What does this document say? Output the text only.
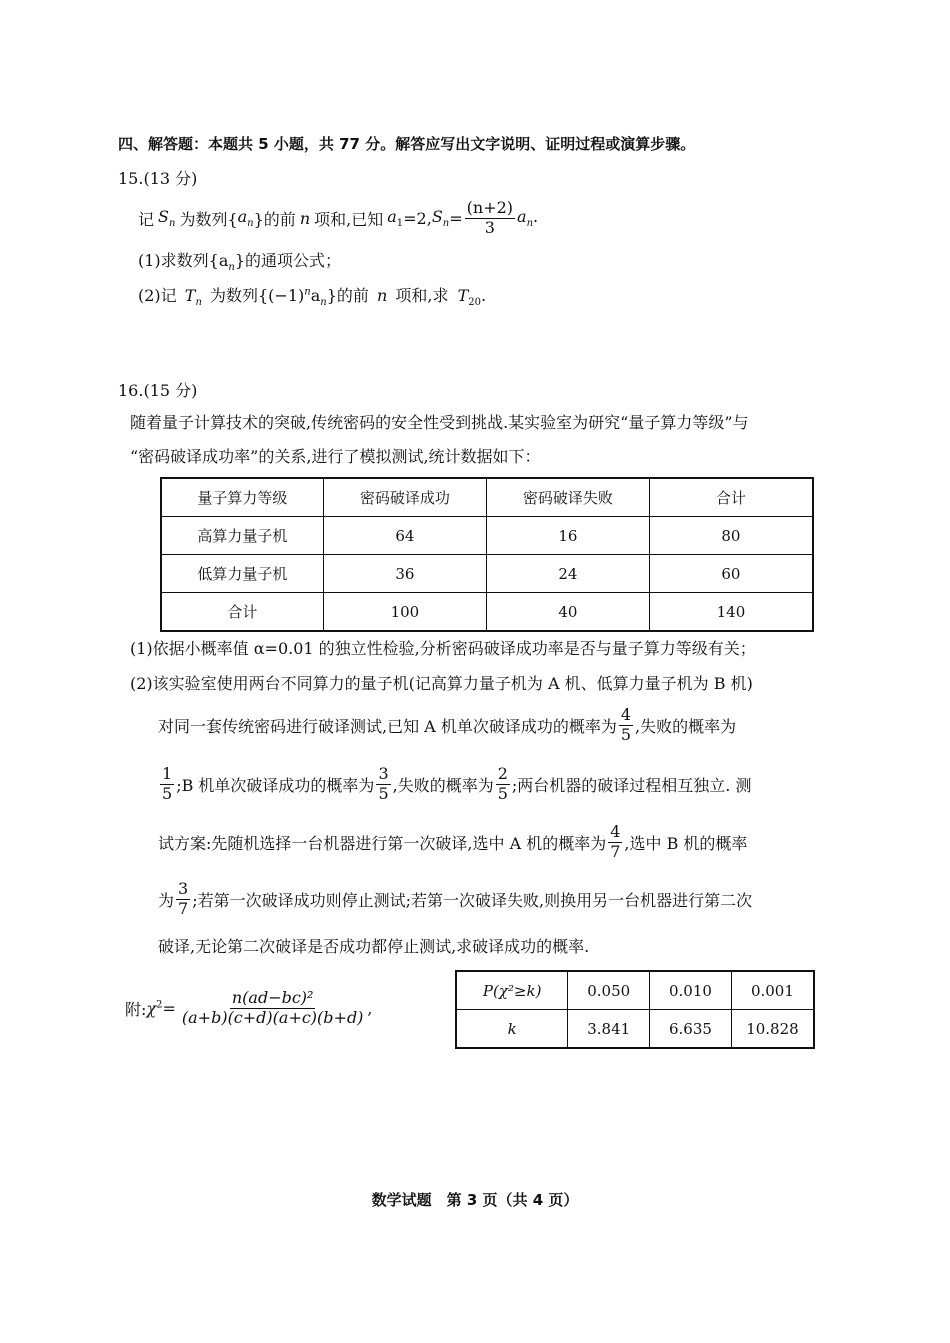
四、解答题：本题共 5 小题，共 77 分。解答应写出文字说明、证明过程或演算步骤。
15.(13 分)
记 $S_n$ 为数列{ $a_n$ }的前 n 项和,已知 $a_1 =2$, $S_n = \frac{(n+2)}{3} a_n$.
(1)求数列$\{a_n\}$的通项公式；
(2)记 $T_n$ 为数列$\{(-1)^na_n\}$的前 n 项和,求 $T_{20}$.
16.(15 分)
随着量子计算技术的突破,传统密码的安全性受到挑战.某实验室为研究“量子算力等级”与
“密码破译成功率”的关系,进行了模拟测试,统计数据如下：
量子算力等级	密码破译成功	密码破译失败	合计
高算力量子机	64	16	80
低算力量子机	36	24	60
合计	100	40	140
(1)依据小概率值 α=0.01 的独立性检验,分析密码破译成功率是否与量子算力等级有关；
(2)该实验室使用两台不同算力的量子机(记高算力量子机为 A 机、低算力量子机为 B 机)
对同一套传统密码进行破译测试,已知 A 机单次破译成功的概率为 $\frac{4}{5}$ ,失败的概率为
$\frac{1}{5}$ ;B 机单次破译成功的概率为 $\frac{3}{5}$ ,失败的概率为 $\frac{2}{5}$ ;两台机器的破译过程相互独立. 测
试方案:先随机选择一台机器进行第一次破译,选中 A 机的概率为 $\frac{4}{7}$ ,选中 B 机的概率
为 $\frac{3}{7}$ ;若第一次破译成功则停止测试;若第一次破译失败,则换用另一台机器进行第二次
破译,无论第二次破译是否成功都停止测试,求破译成功的概率.
附: $\chi^2= \frac{\text{n(ad−bc)²}}{(a+b)(c+d)(a+c)(b+d)}$ ,
P(χ²≥k)	0.050	0.010	0.001
k	3.841	6.635	10.828
数学试题　第 3 页（共 4 页）
